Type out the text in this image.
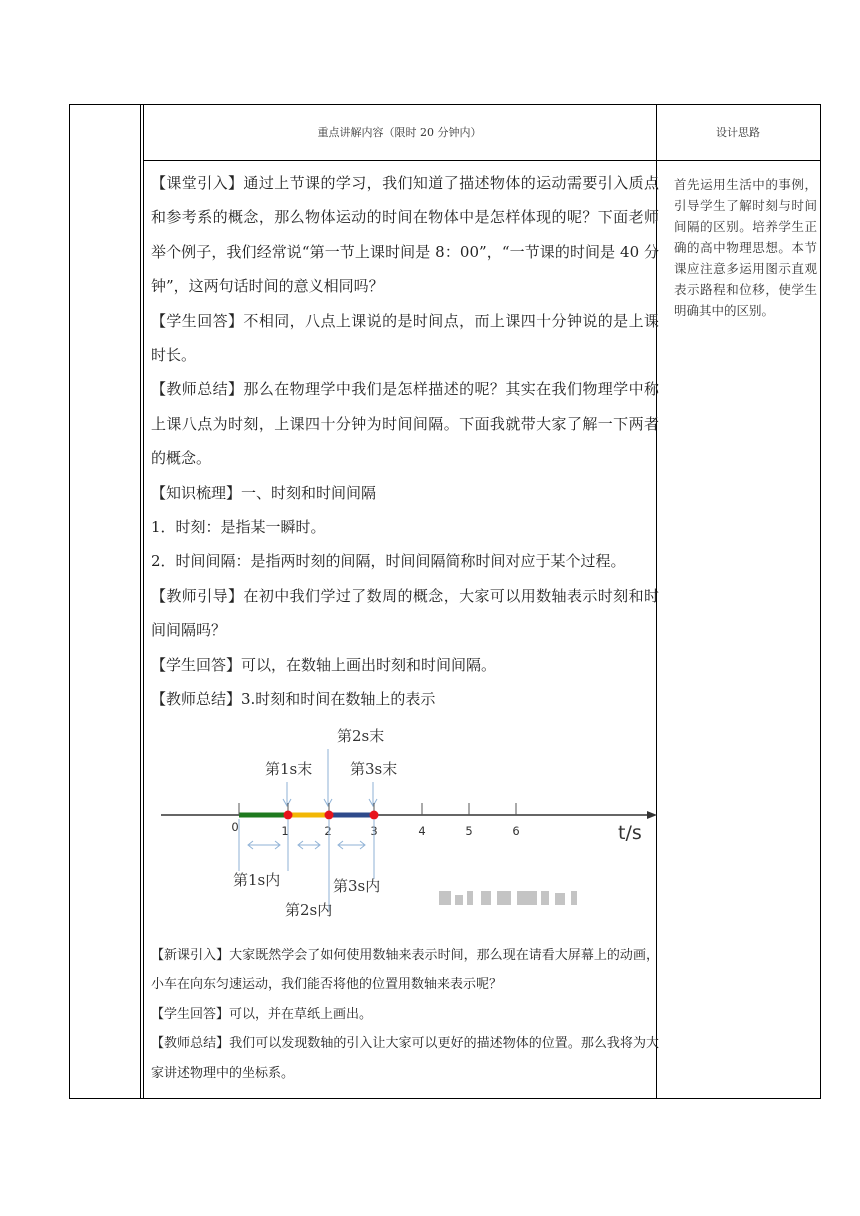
重点讲解内容（限时 20 分钟内）	设计思路

【课堂引入】通过上节课的学习，我们知道了描述物体的运动需要引入质点和参考系的概念，那么物体运动的时间在物体中是怎样体现的呢？下面老师举个例子，我们经常说“第一节上课时间是 8：00”，“一节课的时间是 40 分钟”，这两句话时间的意义相同吗？

【学生回答】不相同，八点上课说的是时间点，而上课四十分钟说的是上课时长。

【教师总结】那么在物理学中我们是怎样描述的呢？其实在我们物理学中称上课八点为时刻，上课四十分钟为时间间隔。下面我就带大家了解一下两者的概念。

【知识梳理】一、时刻和时间间隔

1．时刻：是指某一瞬时。

2．时间间隔：是指两时刻的间隔，时间间隔简称时间对应于某个过程。

【教师引导】在初中我们学过了数周的概念，大家可以用数轴表示时刻和时间间隔吗？

【学生回答】可以，在数轴上画出时刻和时间间隔。

【教师总结】3.时刻和时间在数轴上的表示

第2s末
第1s末	第3s末
0	1	2	3	4	5	6	t/s
第1s内	第3s内
第2s内

【新课引入】大家既然学会了如何使用数轴来表示时间，那么现在请看大屏幕上的动画，小车在向东匀速运动，我们能否将他的位置用数轴来表示呢？

【学生回答】可以，并在草纸上画出。

【教师总结】我们可以发现数轴的引入让大家可以更好的描述物体的位置。那么我将为大家讲述物理中的坐标系。

首先运用生活中的事例，引导学生了解时刻与时间间隔的区别。培养学生正确的高中物理思想。本节课应注意多运用图示直观表示路程和位移，使学生明确其中的区别。
